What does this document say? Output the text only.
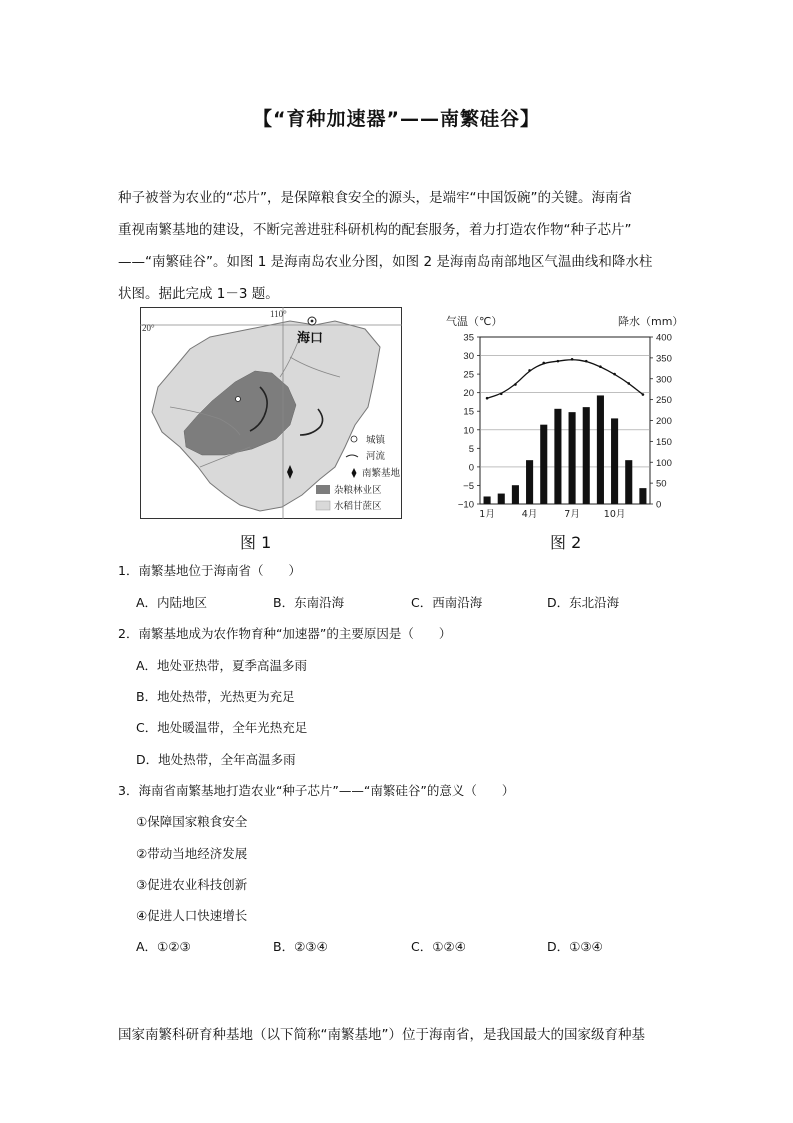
【“育种加速器”——南繁硅谷】
种子被誉为农业的“芯片”，是保障粮食安全的源头，是端牢“中国饭碗”的关键。海南省
重视南繁基地的建设，不断完善进驻科研机构的配套服务，着力打造农作物“种子芯片”
——“南繁硅谷”。如图 1 是海南岛农业分图，如图 2 是海南岛南部地区气温曲线和降水柱
状图。据此完成 1－3 题。
110°
20°
海口
城镇
河流
南繁基地
杂粮林业区
水稻甘蔗区
图 1
气温（℃）	降水（mm）
35
30
25
20
15
10
5
0
−5
−10
400
350
300
250
200
150
100
50
0
1月	4月	7月	10月
图 2
1．南繁基地位于海南省（　　）
A．内陆地区	B．东南沿海	C．西南沿海	D．东北沿海
2．南繁基地成为农作物育种“加速器”的主要原因是（　　）
A．地处亚热带，夏季高温多雨
B．地处热带，光热更为充足
C．地处暖温带，全年光热充足
D．地处热带，全年高温多雨
3．海南省南繁基地打造农业“种子芯片”——“南繁硅谷”的意义（　　）
①保障国家粮食安全
②带动当地经济发展
③促进农业科技创新
④促进人口快速增长
A．①②③	B．②③④	C．①②④	D．①③④
国家南繁科研育种基地（以下简称“南繁基地”）位于海南省，是我国最大的国家级育种基
